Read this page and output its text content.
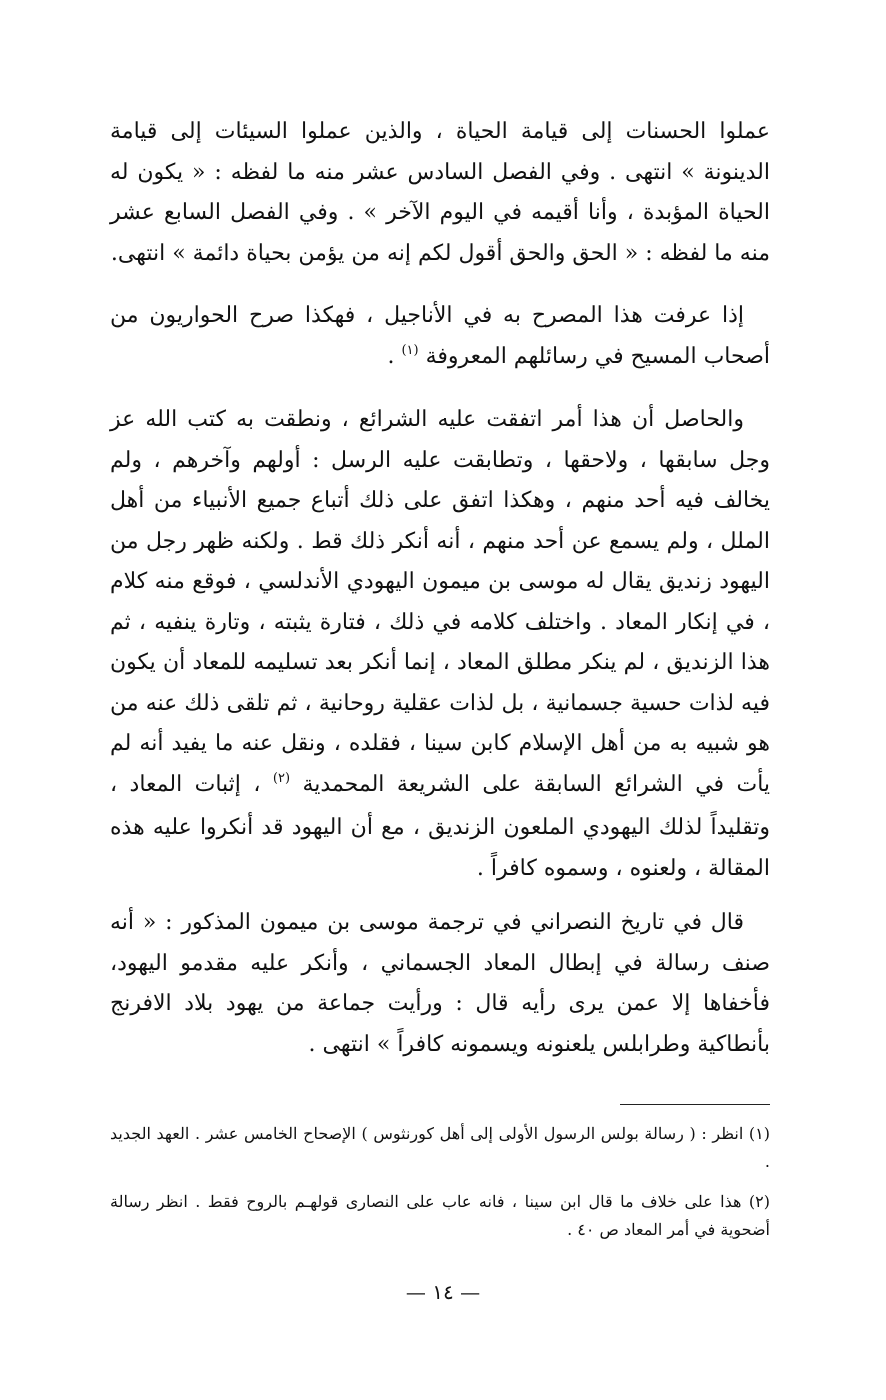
عملوا الحسنات إلى قيامة الحياة ، والذين عملوا السيئات إلى قيامة الدينونة » انتهى . وفي الفصل السادس عشر منه ما لفظه : « يكون له الحياة المؤبدة ، وأنا أقيمه في اليوم الآخر » . وفي الفصل السابع عشر منه ما لفظه : « الحق والحق أقول لكم إنه من يؤمن بحياة دائمة » انتهى.

إذا عرفت هذا المصرح به في الأناجيل ، فهكذا صرح الحواريون من أصحاب المسيح في رسائلهم المعروفة $^{(١)}$ .

والحاصل أن هذا أمر اتفقت عليه الشرائع ، ونطقت به كتب الله عز وجل سابقها ، ولاحقها ، وتطابقت عليه الرسل : أولهم وآخرهم ، ولم يخالف فيه أحد منهم ، وهكذا اتفق على ذلك أتباع جميع الأنبياء من أهل الملل ، ولم يسمع عن أحد منهم ، أنه أنكر ذلك قط . ولكنه ظهر رجل من اليهود زنديق يقال له موسى بن ميمون اليهودي الأندلسي ، فوقع منه كلام ، في إنكار المعاد . واختلف كلامه في ذلك ، فتارة يثبته ، وتارة ينفيه ، ثم هذا الزنديق ، لم ينكر مطلق المعاد ، إنما أنكر بعد تسليمه للمعاد أن يكون فيه لذات حسية جسمانية ، بل لذات عقلية روحانية ، ثم تلقى ذلك عنه من هو شبيه به من أهل الإسلام كابن سينا ، فقلده ، ونقل عنه ما يفيد أنه لم يأت في الشرائع السابقة على الشريعة المحمدية $^{(٢)}$ ، إثبات المعاد ، وتقليداً لذلك اليهودي الملعون الزنديق ، مع أن اليهود قد أنكروا عليه هذه المقالة ، ولعنوه ، وسموه كافراً .

قال في تاريخ النصراني في ترجمة موسى بن ميمون المذكور : « أنه صنف رسالة في إبطال المعاد الجسماني ، وأنكر عليه مقدمو اليهود، فأخفاها إلا عمن يرى رأيه قال : ورأيت جماعة من يهود بلاد الافرنج بأنطاكية وطرابلس يلعنونه ويسمونه كافراً » انتهى .

(١) انظر : ( رسالة بولس الرسول الأولى إلى أهل كورنثوس ) الإصحاح الخامس عشر . العهد الجديد .

(٢) هذا على خلاف ما قال ابن سينا ، فانه عاب على النصارى قولهـم بالروح فقط . انظر رسالة أضحوية في أمر المعاد ص ٤٠ .

— ١٤ —
